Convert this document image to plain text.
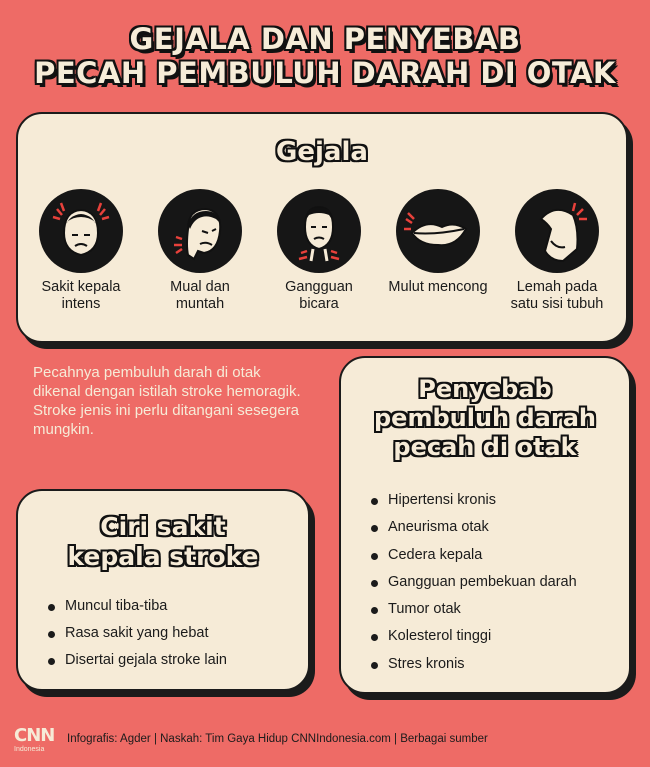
GEJALA DAN PENYEBAB
PECAH PEMBULUH DARAH DI OTAK
Gejala
Sakit kepala intens
Mual dan muntah
Gangguan bicara
Mulut mencong	Lemah pada satu sisi tubuh
Pecahnya pembuluh darah di otak dikenal dengan istilah stroke hemoragik. Stroke jenis ini perlu ditangani sesegera mungkin.
Ciri sakit
kepala stroke
Muncul tiba-tiba
Rasa sakit yang hebat
Disertai gejala stroke lain
Penyebab
pembuluh darah
pecah di otak
Hipertensi kronis
Aneurisma otak
Cedera kepala
Gangguan pembekuan darah
Tumor otak
Kolesterol tinggi
Stres kronis
CNN
Indonesia
Infografis: Agder | Naskah: Tim Gaya Hidup CNNIndonesia.com | Berbagai sumber
